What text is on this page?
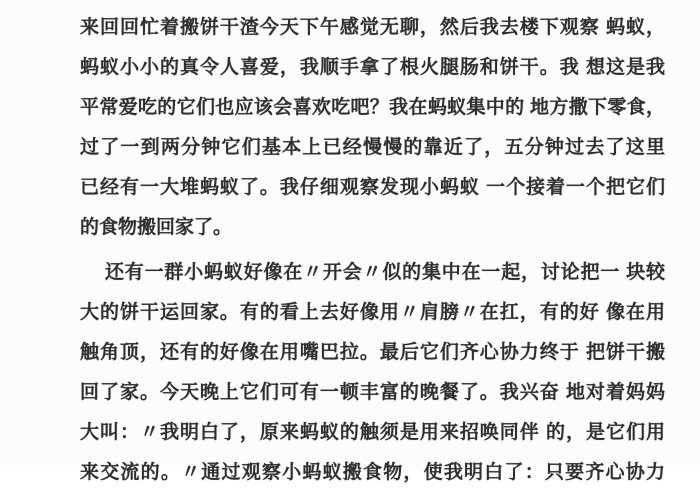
来回回忙着搬饼干渣今天下午感觉无聊，然后我去楼下观察 蚂蚁，
蚂蚁小小的真令人喜爱，我顺手拿了根火腿肠和饼干。我 想这是我
平常爱吃的它们也应该会喜欢吃吧？我在蚂蚁集中的 地方撒下零食，
过了一到两分钟它们基本上已经慢慢的靠近了，五分钟过去了这里
已经有一大堆蚂蚁了。我仔细观察发现小蚂蚁 一个接着一个把它们
的食物搬回家了。
还有一群小蚂蚁好像在〃开会〃似的集中在一起，讨论把一 块较
大的饼干运回家。有的看上去好像用〃肩膀〃在扛，有的好 像在用
触角顶，还有的好像在用嘴巴拉。最后它们齐心协力终于 把饼干搬
回了家。今天晚上它们可有一顿丰富的晚餐了。我兴奋 地对着妈妈
大叫：〃我明白了，原来蚂蚁的触须是用来招唤同伴 的，是它们用
来交流的。〃通过观察小蚂蚁搬食物，使我明白了：只要齐心协力
